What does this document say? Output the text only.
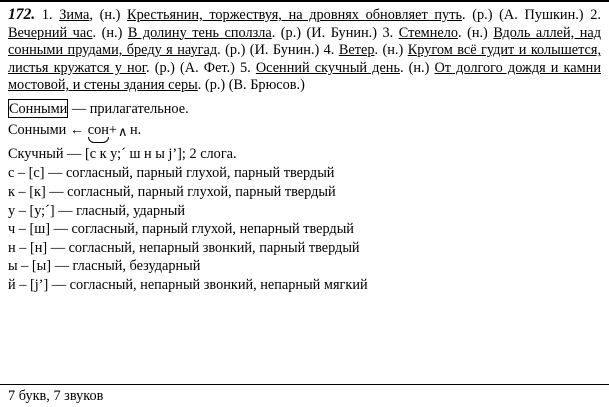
172. 1. Зима, (н.) Крестьянин, торжествуя, на дровнях обновляет путь. (р.) (А. Пушкин.) 2. Вечерний час. (н.) В долину тень сползла. (р.) (И. Бунин.) 3. Стемнело. (н.) Вдоль аллей, над сонными прудами, бреду я наугад. (р.) (И. Бунин.) 4. Ветер. (н.) Кругом всё гудит и колышется, листья кружатся у ног. (р.) (А. Фет.) 5. Осенний скучный день. (н.) От долгого дождя и камни мостовой, и стены здания серы. (р.) (В. Брюсов.)

Сонными — прилагательное.
Сонными ← сон
+ ∧ н.
Скучный — [с к у;´ ш н ы j’]; 2 слога.
с – [с] — согласный, парный глухой, парный твердый
к – [к] — согласный, парный глухой, парный твердый
у – [у;´] — гласный, ударный
ч – [ш] — согласный, парный глухой, непарный твердый
н – [н] — согласный, непарный звонкий, парный твердый
ы – [ы] — гласный, безударный
й – [j’] — согласный, непарный звонкий, непарный мягкий
7 букв, 7 звуков
